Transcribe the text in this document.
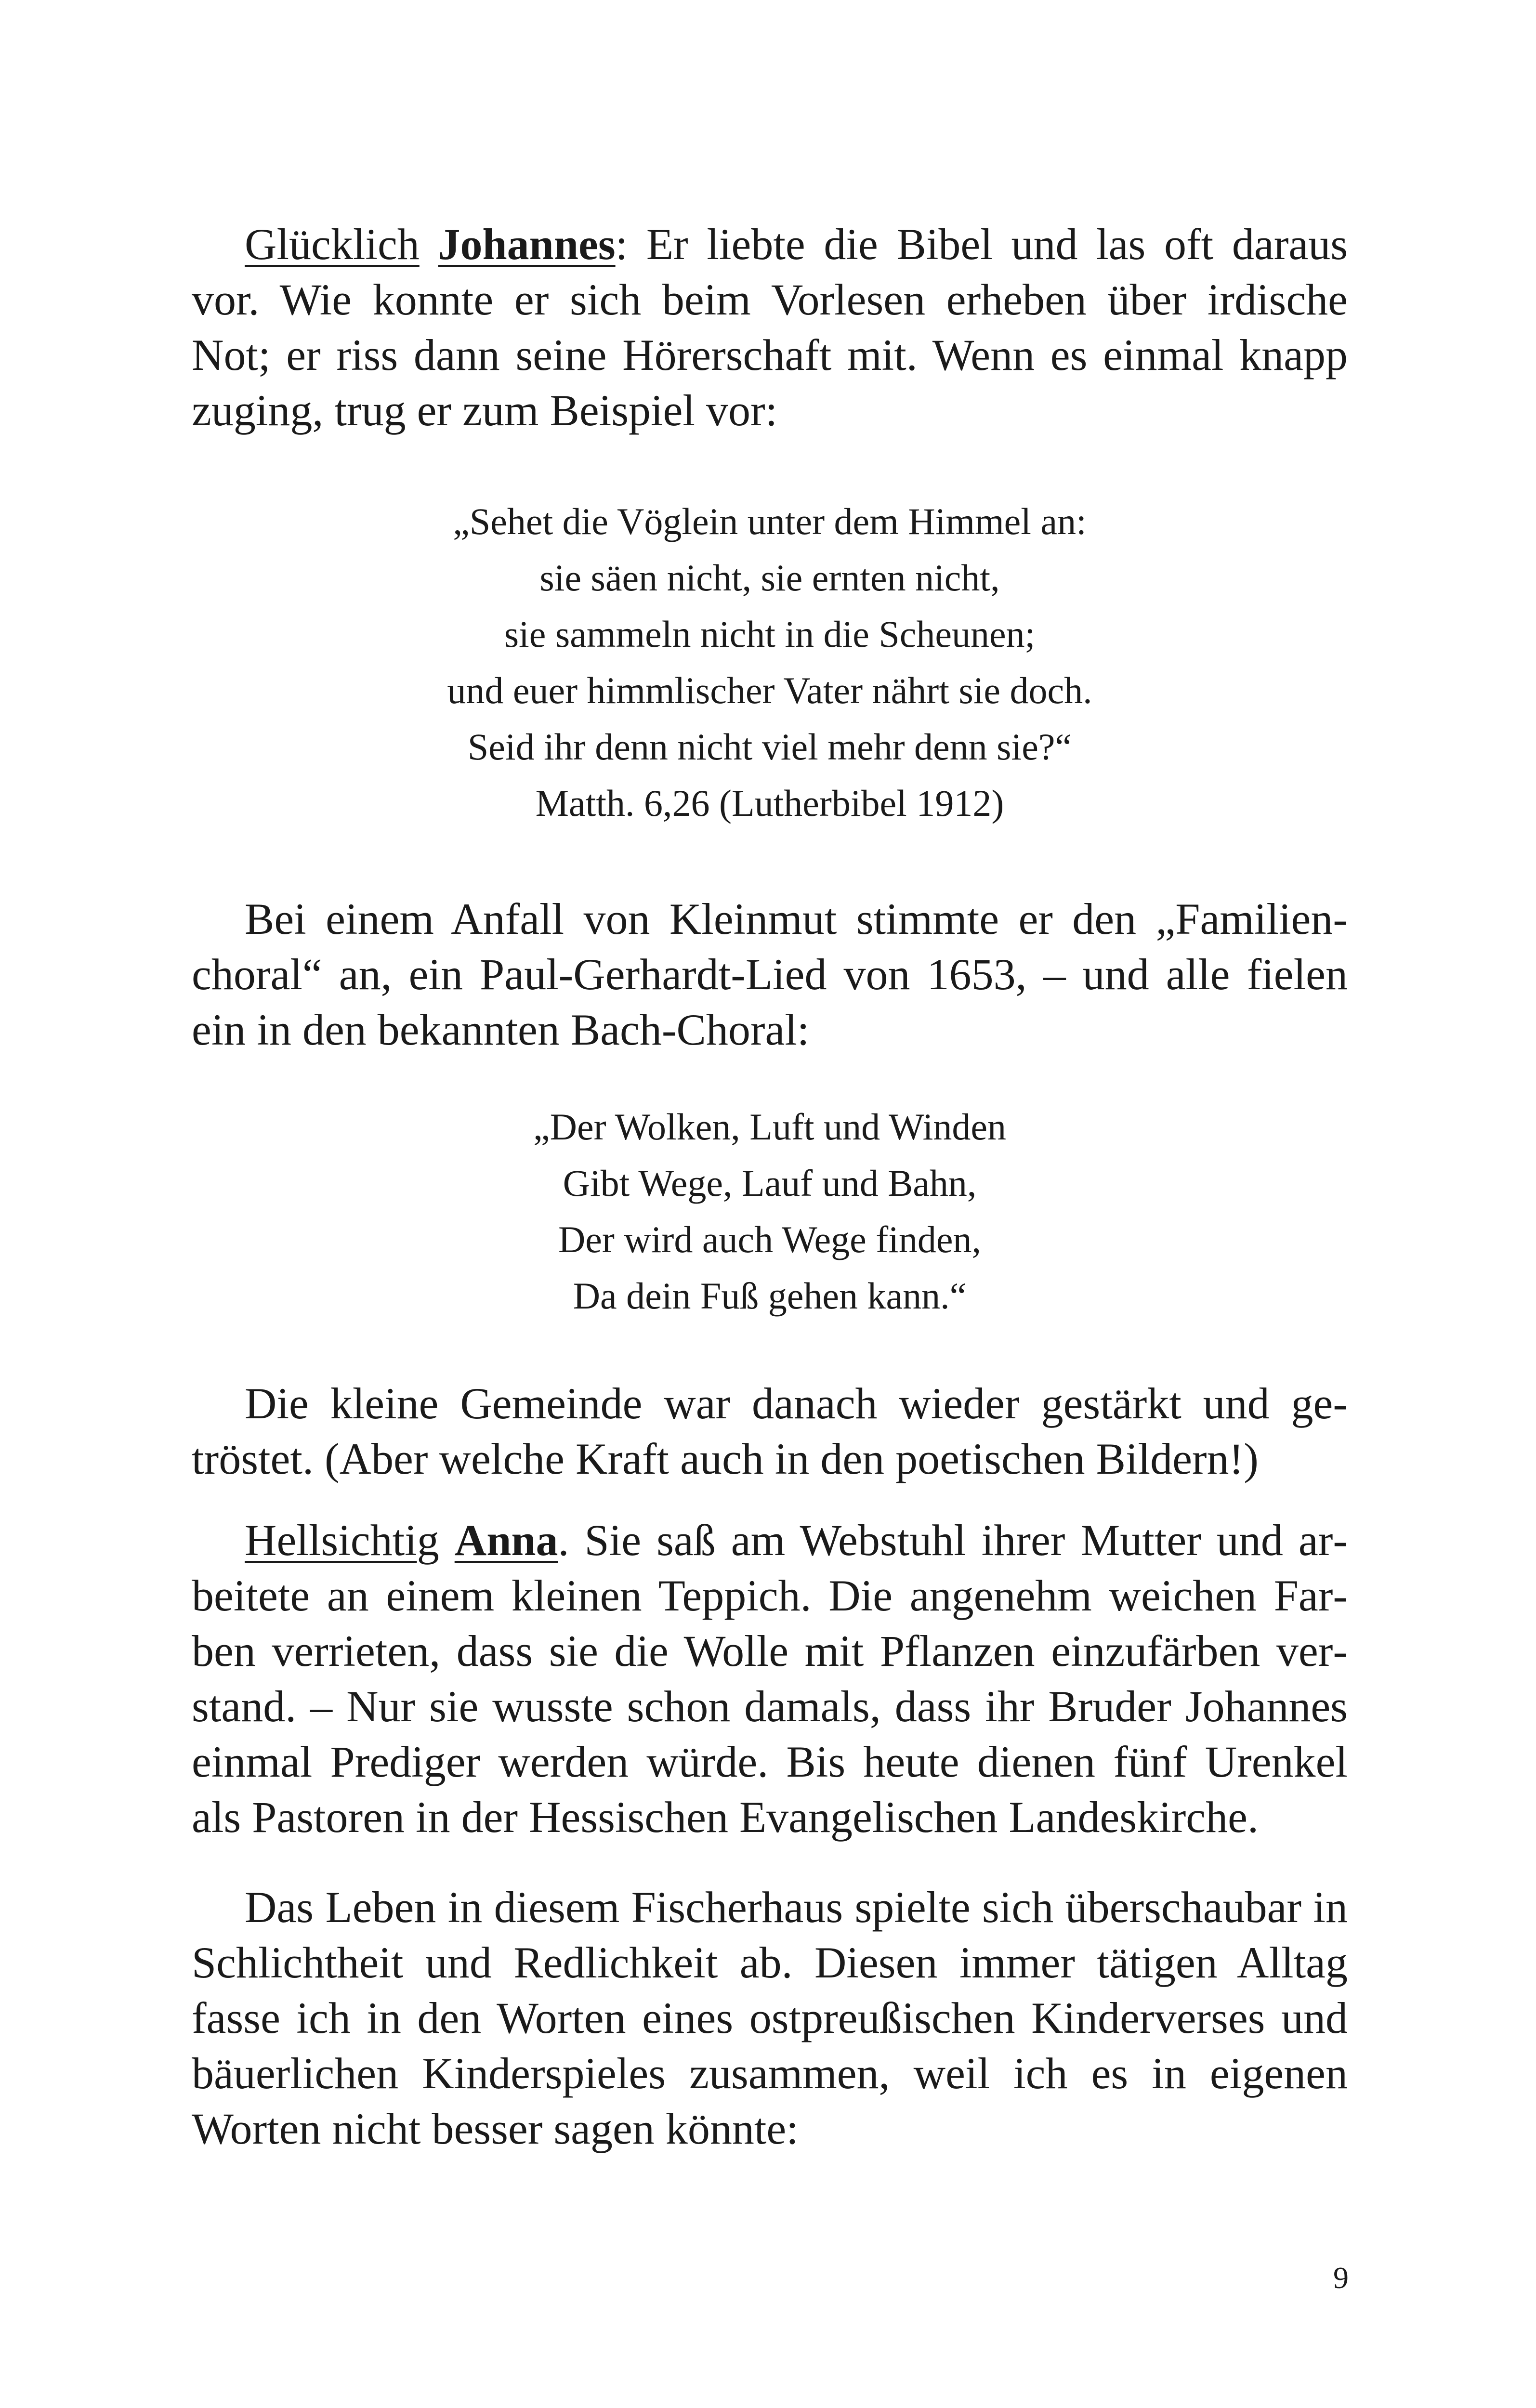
Glücklich Johannes: Er liebte die Bibel und las oft daraus vor. Wie konnte er sich beim Vorlesen erheben über irdische Not; er riss dann seine Hörerschaft mit. Wenn es einmal knapp zuging, trug er zum Beispiel vor:

„Sehet die Vöglein unter dem Himmel an:
sie säen nicht, sie ernten nicht,
sie sammeln nicht in die Scheunen;
und euer himmlischer Vater nährt sie doch.
Seid ihr denn nicht viel mehr denn sie?“
Matth. 6,26 (Lutherbibel 1912)

Bei einem Anfall von Kleinmut stimmte er den „Familienchoral“ an, ein Paul-Gerhardt-Lied von 1653, – und alle fielen ein in den bekannten Bach-Choral:

„Der Wolken, Luft und Winden
Gibt Wege, Lauf und Bahn,
Der wird auch Wege finden,
Da dein Fuß gehen kann.“

Die kleine Gemeinde war danach wieder gestärkt und getröstet. (Aber welche Kraft auch in den poetischen Bildern!)

Hellsichtig Anna. Sie saß am Webstuhl ihrer Mutter und arbeitete an einem kleinen Teppich. Die angenehm weichen Farben verrieten, dass sie die Wolle mit Pflanzen einzufärben verstand. – Nur sie wusste schon damals, dass ihr Bruder Johannes einmal Prediger werden würde. Bis heute dienen fünf Urenkel als Pastoren in der Hessischen Evangelischen Landeskirche.

Das Leben in diesem Fischerhaus spielte sich überschaubar in Schlichtheit und Redlichkeit ab. Diesen immer tätigen Alltag fasse ich in den Worten eines ostpreußischen Kinderverses und bäuerlichen Kinderspieles zusammen, weil ich es in eigenen Worten nicht besser sagen könnte:

9
